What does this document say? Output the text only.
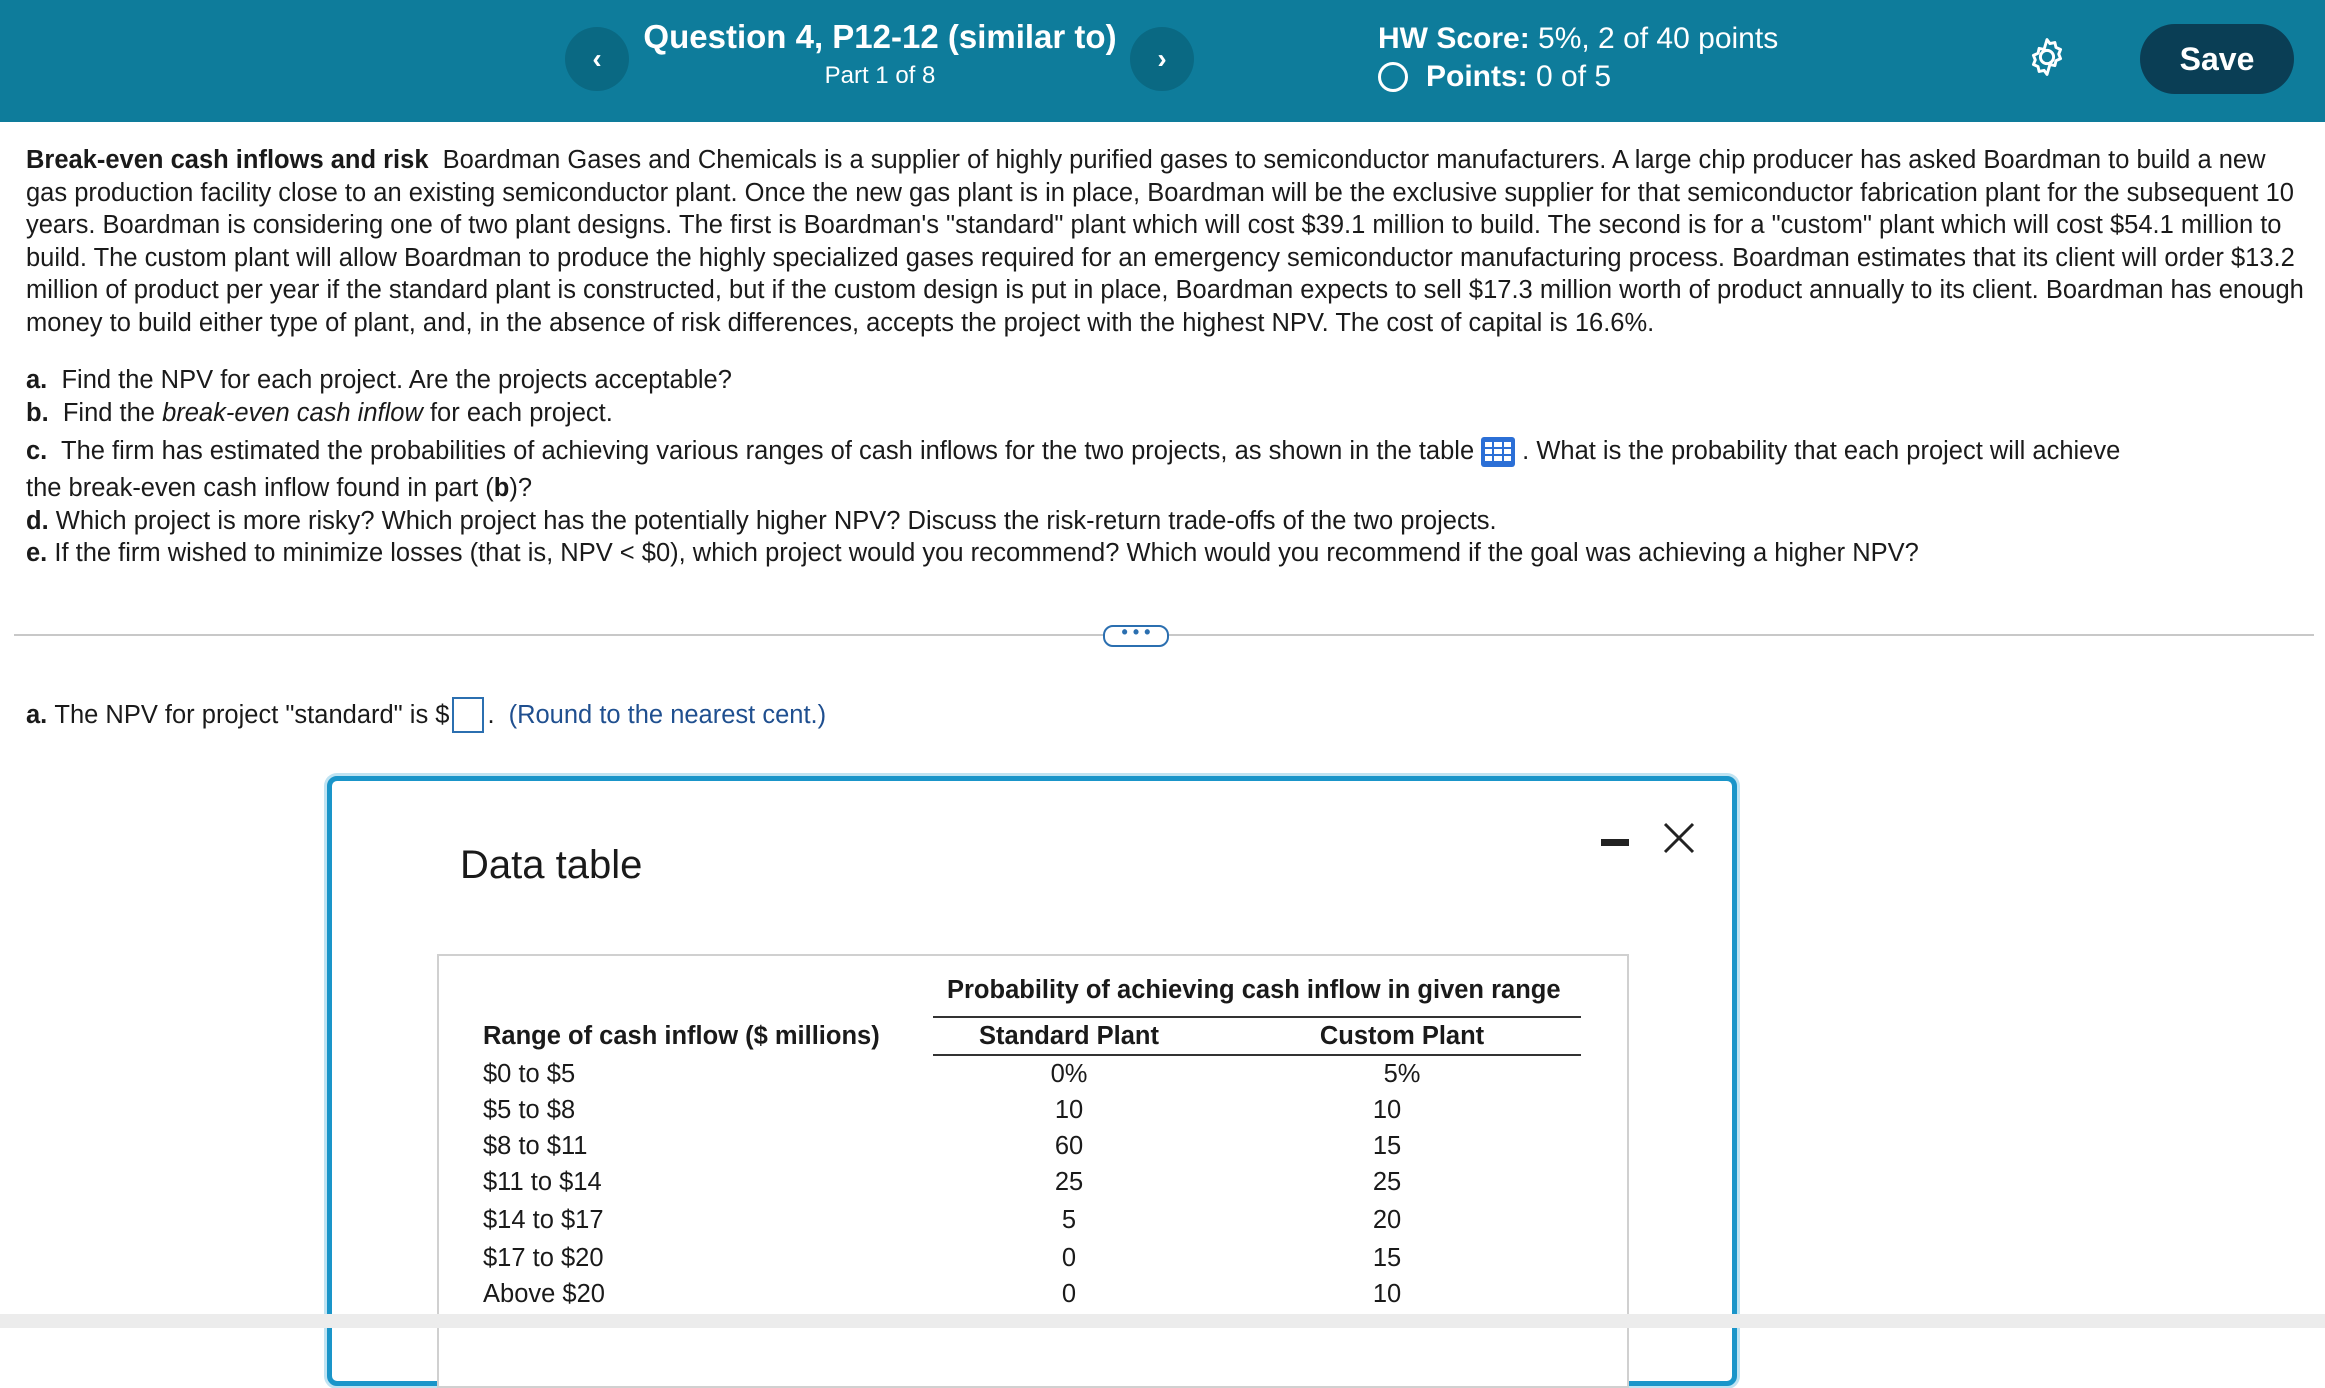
‹
Question 4, P12-12 (similar to)
Part 1 of 8
›
HW Score: 5%, 2 of 40 points
Points:
0 of 5	Save
Break-even cash inflows and risk Boardman Gases and Chemicals is a supplier of highly purified gases to semiconductor manufacturers. A large chip producer has asked Boardman to build a new gas production facility close to an existing semiconductor plant. Once the new gas plant is in place, Boardman will be the exclusive supplier for that semiconductor fabrication plant for the subsequent 10 years. Boardman is considering one of two plant designs. The first is Boardman's "standard" plant which will cost $39.1 million to build. The second is for a "custom" plant which will cost $54.1 million to build. The custom plant will allow Boardman to produce the highly specialized gases required for an emergency semiconductor manufacturing process. Boardman estimates that its client will order $13.2 million of product per year if the standard plant is constructed, but if the custom design is put in place, Boardman expects to sell $17.3 million worth of product annually to its client. Boardman has enough money to build either type of plant, and, in the absence of risk differences, accepts the project with the highest NPV. The cost of capital is 16.6%.
a. Find the NPV for each project. Are the projects acceptable?
b. Find the break-even cash inflow for each project.
c. The firm has estimated the probabilities of achieving various ranges of cash inflows for the two projects, as shown in the table . What is the probability that each project will achieve
the break-even cash inflow found in part (b)?
d. Which project is more risky? Which project has the potentially higher NPV? Discuss the risk-return trade-offs of the two projects.
e. If the firm wished to minimize losses (that is, NPV < $0), which project would you recommend? Which would you recommend if the goal was achieving a higher NPV?
• • •
a.
The NPV for project "standard" is $ . (Round to the nearest cent.)
Data table
Probability of achieving cash inflow in given range
Range of cash inflow ($ millions)	Standard Plant	Custom Plant
$0 to $5	0%	5%
$5 to $8	10	10
$8 to $11	60	15
$11 to $14	25	25
$14 to $17	5	20
$17 to $20	0	15
Above $20	0	10
